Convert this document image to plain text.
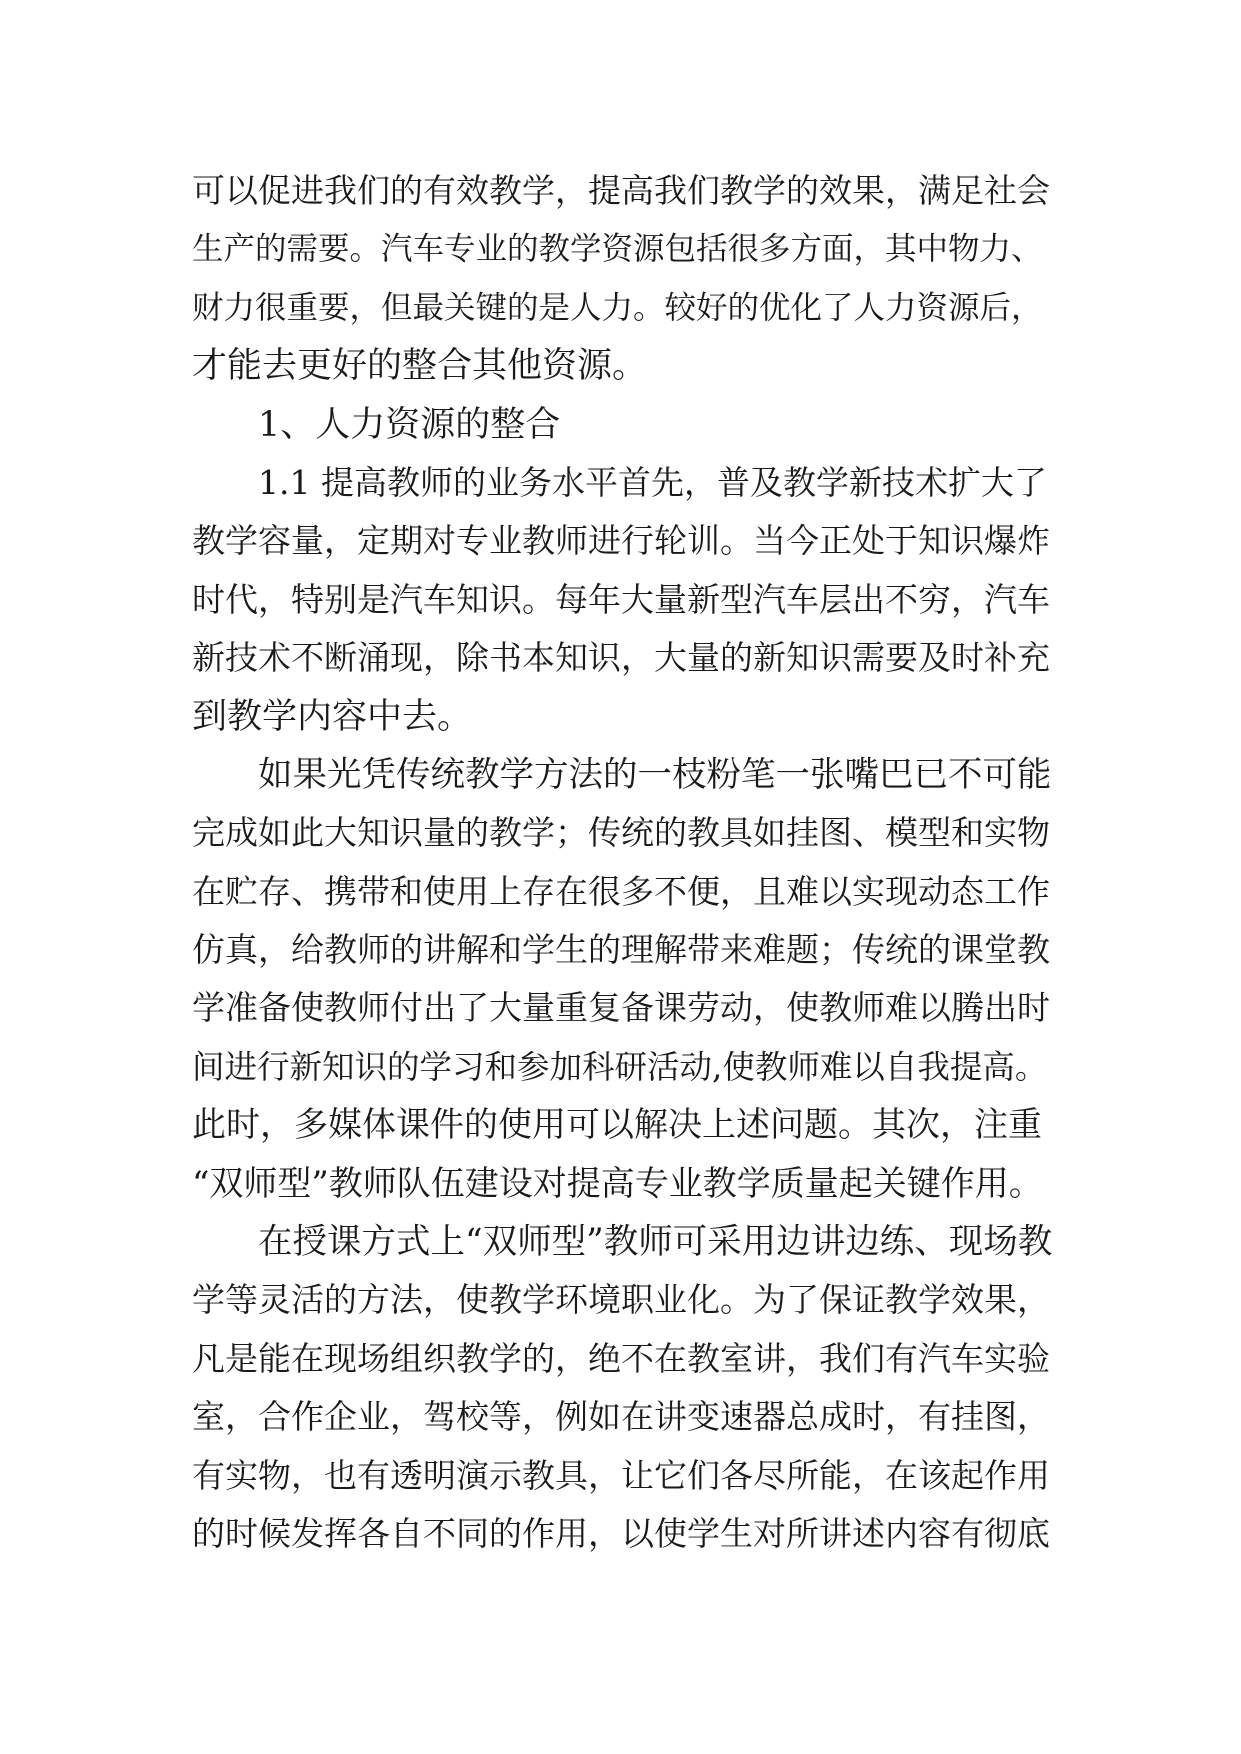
可以促进我们的有效教学，提高我们教学的效果，满足社会
生产的需要。汽车专业的教学资源包括很多方面，其中物力、
财力很重要，但最关键的是人力。较好的优化了人力资源后，
才能去更好的整合其他资源。
1、人力资源的整合
1.1 提高教师的业务水平首先，普及教学新技术扩大了
教学容量，定期对专业教师进行轮训。当今正处于知识爆炸
时代，特别是汽车知识。每年大量新型汽车层出不穷，汽车
新技术不断涌现，除书本知识，大量的新知识需要及时补充
到教学内容中去。
如果光凭传统教学方法的一枝粉笔一张嘴巴已不可能
完成如此大知识量的教学；传统的教具如挂图、模型和实物
在贮存、携带和使用上存在很多不便，且难以实现动态工作
仿真，给教师的讲解和学生的理解带来难题；传统的课堂教
学准备使教师付出了大量重复备课劳动，使教师难以腾出时
间进行新知识的学习和参加科研活动,使教师难以自我提高。
此时，多媒体课件的使用可以解决上述问题。其次，注重
“双师型”教师队伍建设对提高专业教学质量起关键作用。
在授课方式上“双师型”教师可采用边讲边练、现场教
学等灵活的方法，使教学环境职业化。为了保证教学效果，
凡是能在现场组织教学的，绝不在教室讲，我们有汽车实验
室，合作企业，驾校等，例如在讲变速器总成时，有挂图，
有实物，也有透明演示教具，让它们各尽所能，在该起作用
的时候发挥各自不同的作用，以使学生对所讲述内容有彻底
